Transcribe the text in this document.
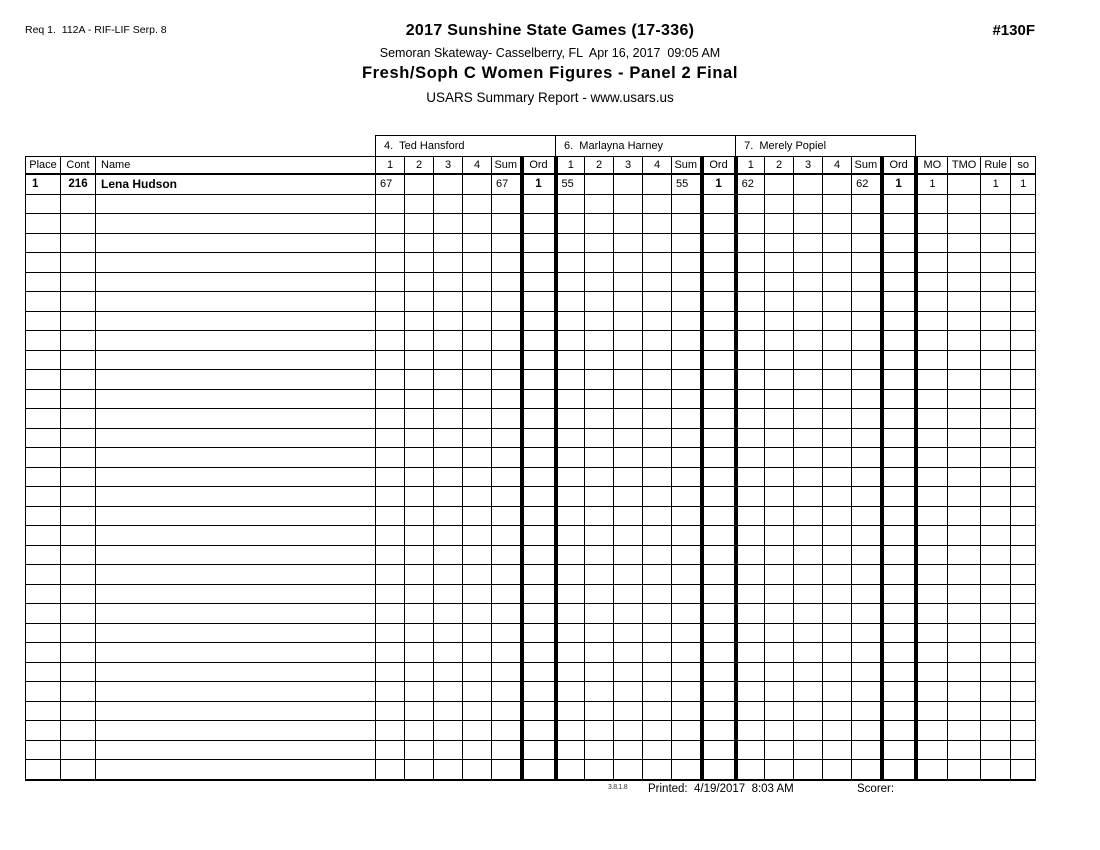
Req 1.  112A - RIF-LIF Serp. 8	2017 Sunshine State Games (17-336)
Semoran Skateway- Casselberry, FL  Apr 16, 2017  09:05 AM
Fresh/Soph C Women Figures - Panel 2 Final
USARS Summary Report - www.usars.us
#130F
			4.  Ted Hansford						6.  Marlayna Harney						7.  Merely Popiel									
Place	Cont	Name	1	2	3	4	Sum	Ord	1	2	3	4	Sum	Ord	1	2	3	4	Sum	Ord	MO	TMO	Rule	so
1	216	Lena Hudson	67				67	1	55				55	1	62				62	1	1		1	1

3.8.1.8 Printed:  4/19/2017  8:03 AM	Scorer:
